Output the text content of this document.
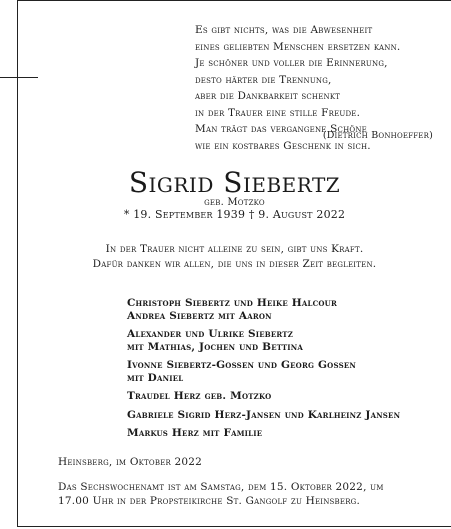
Es gibt nichts, was die Abwesenheit
eines geliebten Menschen ersetzen kann.
Je schöner und voller die Erinnerung,
desto härter die Trennung,
aber die Dankbarkeit schenkt
in der Trauer eine stille Freude.
Man trägt das vergangene Schöne
wie ein kostbares Geschenk in sich.
(Dietrich Bonhoeffer)
Sigrid Siebertz
geb. Motzko
* 19. September 1939 † 9. August 2022
In der Trauer nicht alleine zu sein, gibt uns Kraft.
Dafür danken wir allen, die uns in dieser Zeit begleiten.
Christoph Siebertz und Heike Halcour
Andrea Siebertz mit Aaron
Alexander und Ulrike Siebertz
mit Mathias, Jochen und Bettina
Ivonne Siebertz-Gossen und Georg Gossen
mit Daniel
Traudel Herz geb. Motzko
Gabriele Sigrid Herz-Jansen und Karlheinz Jansen
Markus Herz mit Familie
Heinsberg, im Oktober 2022
Das Sechswochenamt ist am Samstag, dem 15. Oktober 2022, um
17.00 Uhr in der Propsteikirche St. Gangolf zu Heinsberg.
